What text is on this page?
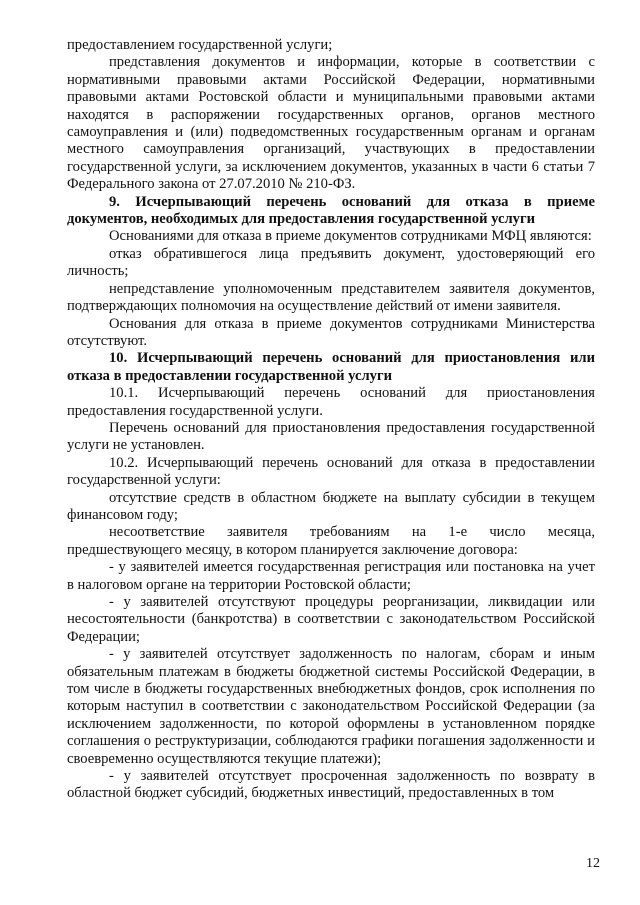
предоставлением государственной услуги;

представления документов и информации, которые в соответствии с нормативными правовыми актами Российской Федерации, нормативными правовыми актами Ростовской области и муниципальными правовыми актами находятся в распоряжении государственных органов, органов местного самоуправления и (или) подведомственных государственным органам и органам местного самоуправления организаций, участвующих в предоставлении государственной услуги, за исключением документов, указанных в части 6 статьи 7 Федерального закона от 27.07.2010 № 210-ФЗ.

9. Исчерпывающий перечень оснований для отказа в приеме документов, необходимых для предоставления государственной услуги

Основаниями для отказа в приеме документов сотрудниками МФЦ являются:

отказ обратившегося лица предъявить документ, удостоверяющий его личность;

непредставление уполномоченным представителем заявителя документов, подтверждающих полномочия на осуществление действий от имени заявителя.

Основания для отказа в приеме документов сотрудниками Министерства отсутствуют.

10. Исчерпывающий перечень оснований для приостановления или отказа в предоставлении государственной услуги

10.1. Исчерпывающий перечень оснований для приостановления предоставления государственной услуги.

Перечень оснований для приостановления предоставления государственной услуги не установлен.

10.2. Исчерпывающий перечень оснований для отказа в предоставлении государственной услуги:

отсутствие средств в областном бюджете на выплату субсидии в текущем финансовом году;

несоответствие заявителя требованиям на 1-е число месяца, предшествующего месяцу, в котором планируется заключение договора:

- у заявителей имеется государственная регистрация или постановка на учет в налоговом органе на территории Ростовской области;

- у заявителей отсутствуют процедуры реорганизации, ликвидации или несостоятельности (банкротства) в соответствии с законодательством Российской Федерации;

- у заявителей отсутствует задолженность по налогам, сборам и иным обязательным платежам в бюджеты бюджетной системы Российской Федерации, в том числе в бюджеты государственных внебюджетных фондов, срок исполнения по которым наступил в соответствии с законодательством Российской Федерации (за исключением задолженности, по которой оформлены в установленном порядке соглашения о реструктуризации, соблюдаются графики погашения задолженности и своевременно осуществляются текущие платежи);

- у заявителей отсутствует просроченная задолженность по возврату в областной бюджет субсидий, бюджетных инвестиций, предоставленных в том

12
